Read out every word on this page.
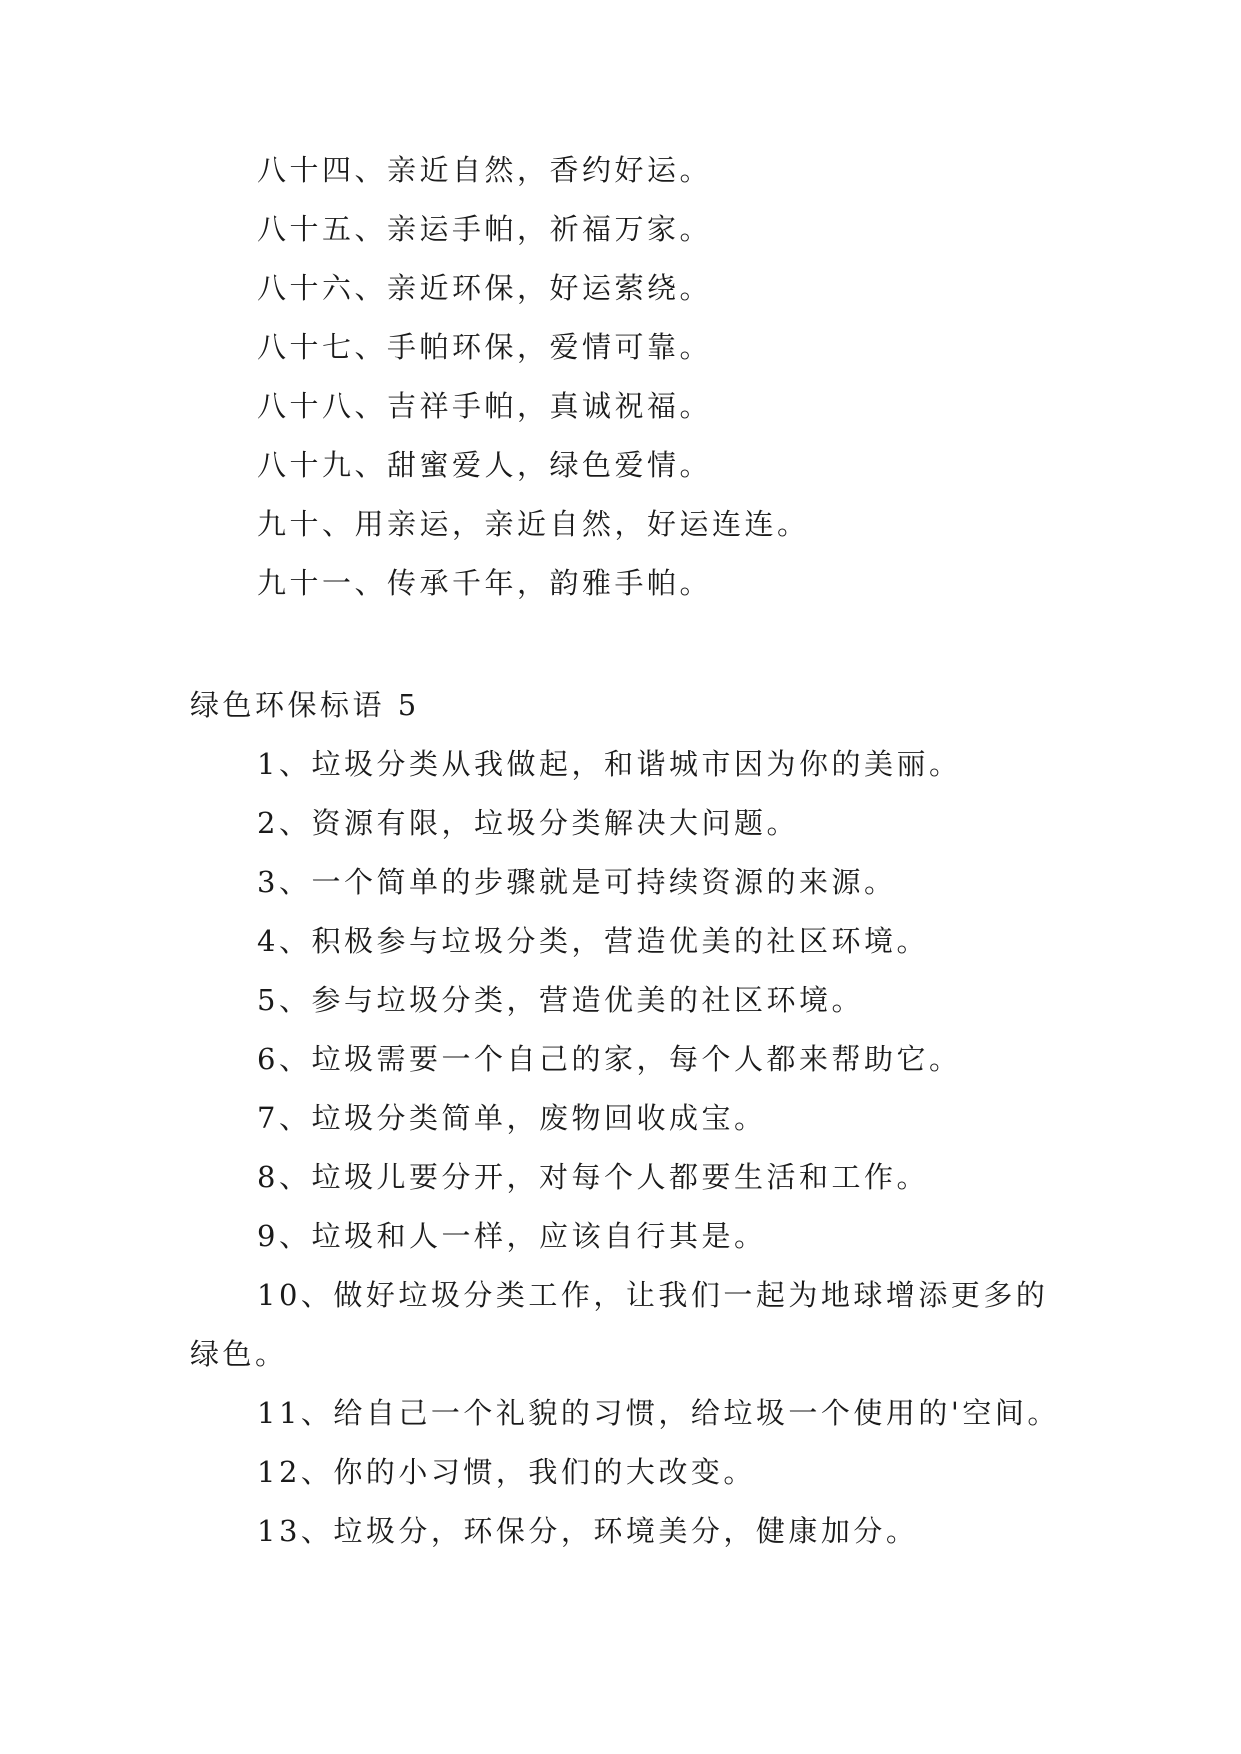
八十四、亲近自然，香约好运。
八十五、亲运手帕，祈福万家。
八十六、亲近环保，好运萦绕。
八十七、手帕环保，爱情可靠。
八十八、吉祥手帕，真诚祝福。
八十九、甜蜜爱人，绿色爱情。
九十、用亲运，亲近自然，好运连连。
九十一、传承千年，韵雅手帕。
绿色环保标语 5
1、垃圾分类从我做起，和谐城市因为你的美丽。
2、资源有限，垃圾分类解决大问题。
3、一个简单的步骤就是可持续资源的来源。
4、积极参与垃圾分类，营造优美的社区环境。
5、参与垃圾分类，营造优美的社区环境。
6、垃圾需要一个自己的家，每个人都来帮助它。
7、垃圾分类简单，废物回收成宝。
8、垃圾儿要分开，对每个人都要生活和工作。
9、垃圾和人一样，应该自行其是。
10、做好垃圾分类工作，让我们一起为地球增添更多的
绿色。
11、给自己一个礼貌的习惯，给垃圾一个使用的'空间。
12、你的小习惯，我们的大改变。
13、垃圾分，环保分，环境美分，健康加分。
